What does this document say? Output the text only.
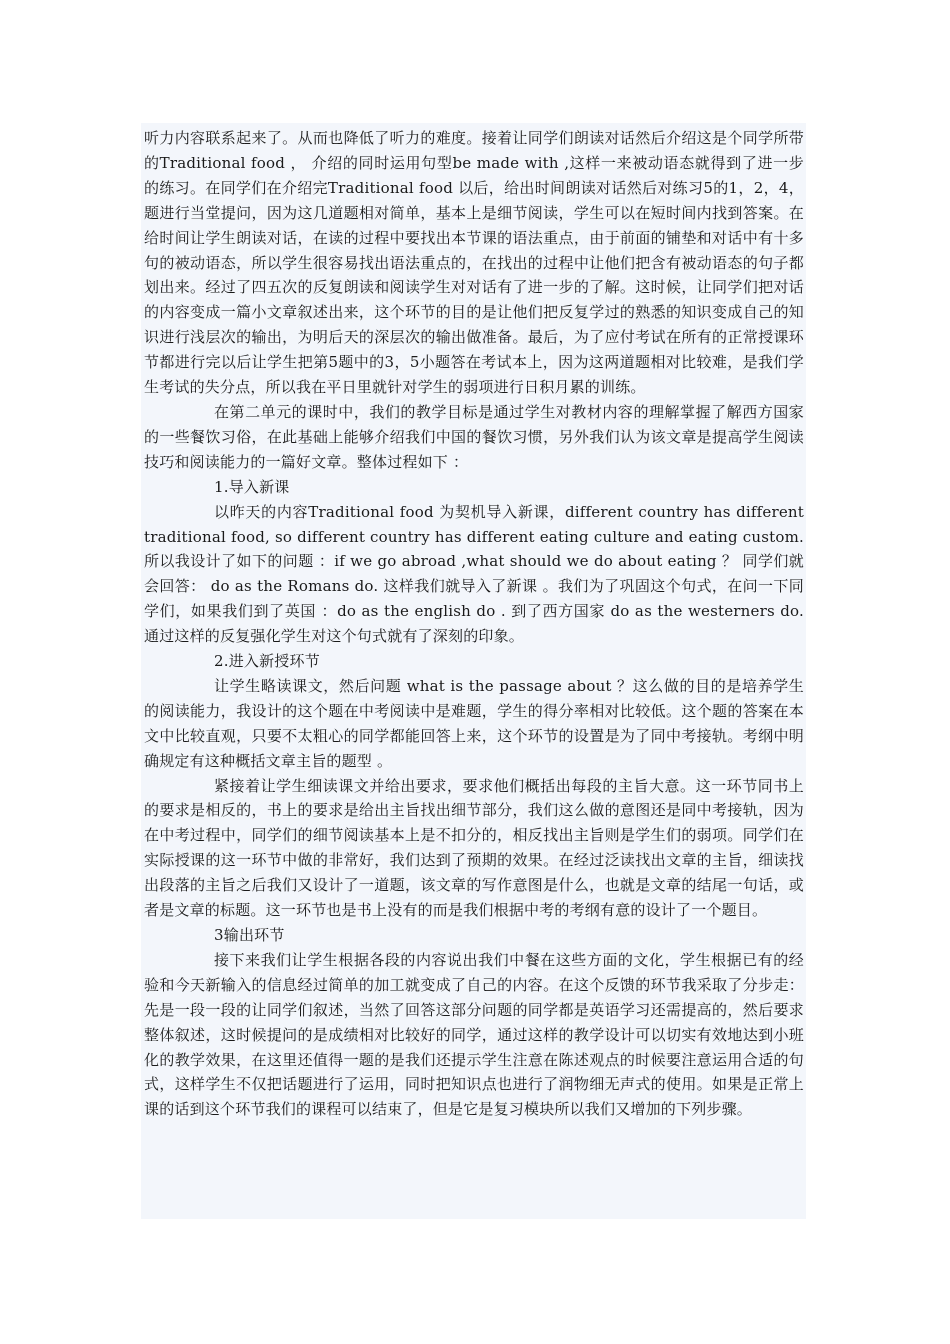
听力内容联系起来了。从而也降低了听力的难度。接着让同学们朗读对话然后介绍这是个同学所带的Traditional food ， 介绍的同时运用句型be made with ,这样一来被动语态就得到了进一步的练习。在同学们在介绍完Traditional food 以后，给出时间朗读对话然后对练习5的1，2，4， 题进行当堂提问，因为这几道题相对简单，基本上是细节阅读，学生可以在短时间内找到答案。在给时间让学生朗读对话，在读的过程中要找出本节课的语法重点，由于前面的铺垫和对话中有十多句的被动语态，所以学生很容易找出语法重点的，在找出的过程中让他们把含有被动语态的句子都划出来。经过了四五次的反复朗读和阅读学生对对话有了进一步的了解。这时候，让同学们把对话的内容变成一篇小文章叙述出来，这个环节的目的是让他们把反复学过的熟悉的知识变成自己的知识进行浅层次的输出，为明后天的深层次的输出做准备。最后，为了应付考试在所有的正常授课环节都进行完以后让学生把第5题中的3，5小题答在考试本上，因为这两道题相对比较难，是我们学生考试的失分点，所以我在平日里就针对学生的弱项进行日积月累的训练。

在第二单元的课时中，我们的教学目标是通过学生对教材内容的理解掌握了解西方国家的一些餐饮习俗，在此基础上能够介绍我们中国的餐饮习惯，另外我们认为该文章是提高学生阅读技巧和阅读能力的一篇好文章。整体过程如下 ：

1.导入新课

以昨天的内容Traditional food 为契机导入新课，different country has different traditional food, so different country has different eating culture and eating custom. 所以我设计了如下的问题 ：if we go abroad ,what should we do about eating ？ 同学们就会回答： do as the Romans do. 这样我们就导入了新课 。我们为了巩固这个句式，在问一下同学们，如果我们到了英国 ：do as the english do . 到了西方国家 do as the westerners do. 通过这样的反复强化学生对这个句式就有了深刻的印象。

2.进入新授环节

让学生略读课文，然后问题 what is the passage about ？这么做的目的是培养学生的阅读能力，我设计的这个题在中考阅读中是难题，学生的得分率相对比较低。这个题的答案在本文中比较直观，只要不太粗心的同学都能回答上来，这个环节的设置是为了同中考接轨。考纲中明确规定有这种概括文章主旨的题型 。

紧接着让学生细读课文并给出要求，要求他们概括出每段的主旨大意。这一环节同书上的要求是相反的，书上的要求是给出主旨找出细节部分，我们这么做的意图还是同中考接轨，因为在中考过程中，同学们的细节阅读基本上是不扣分的，相反找出主旨则是学生们的弱项。同学们在实际授课的这一环节中做的非常好，我们达到了预期的效果。在经过泛读找出文章的主旨，细读找出段落的主旨之后我们又设计了一道题，该文章的写作意图是什么，也就是文章的结尾一句话，或者是文章的标题。这一环节也是书上没有的而是我们根据中考的考纲有意的设计了一个题目。

3输出环节

接下来我们让学生根据各段的内容说出我们中餐在这些方面的文化，学生根据已有的经验和今天新输入的信息经过简单的加工就变成了自己的内容。在这个反馈的环节我采取了分步走：先是一段一段的让同学们叙述，当然了回答这部分问题的同学都是英语学习还需提高的，然后要求整体叙述，这时候提问的是成绩相对比较好的同学，通过这样的教学设计可以切实有效地达到小班化的教学效果，在这里还值得一题的是我们还提示学生注意在陈述观点的时候要注意运用合适的句式，这样学生不仅把话题进行了运用，同时把知识点也进行了润物细无声式的使用。如果是正常上课的话到这个环节我们的课程可以结束了，但是它是复习模块所以我们又增加的下列步骤。
